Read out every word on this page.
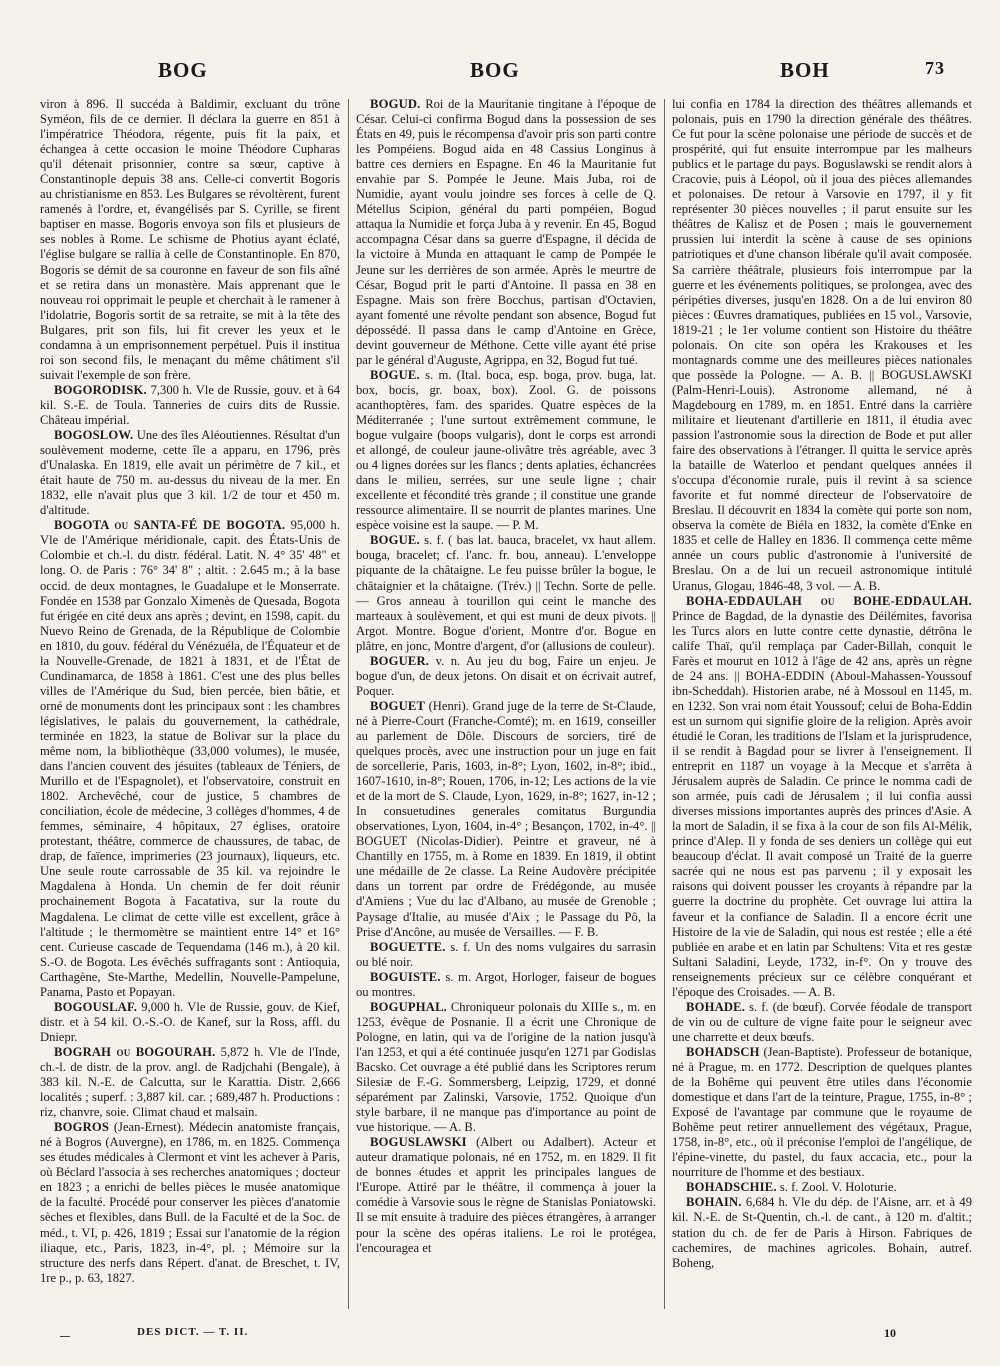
BOG	BOG	BOH	73

viron à 896. Il succéda à Baldimir, excluant du trône Syméon, fils de ce dernier. Il déclara la guerre en 851 à l'impératrice Théodora, régente, puis fit la paix, et échangea à cette occasion le moine Théodore Cupharas qu'il détenait prisonnier, contre sa sœur, captive à Constantinople depuis 38 ans. Celle-ci convertit Bogoris au christianisme en 853. Les Bulgares se révoltèrent, furent ramenés à l'ordre, et, évangélisés par S. Cyrille, se firent baptiser en masse. Bogoris envoya son fils et plusieurs de ses nobles à Rome. Le schisme de Photius ayant éclaté, l'église bulgare se rallia à celle de Constantinople. En 870, Bogoris se démit de sa couronne en faveur de son fils aîné et se retira dans un monastère. Mais apprenant que le nouveau roi opprimait le peuple et cherchait à le ramener à l'idolatrie, Bogoris sortit de sa retraite, se mit à la tête des Bulgares, prit son fils, lui fit crever les yeux et le condamna à un emprisonnement perpétuel. Puis il institua roi son second fils, le menaçant du même châtiment s'il suivait l'exemple de son frère.

BOGORODISK. 7,300 h. Vle de Russie, gouv. et à 64 kil. S.-E. de Toula. Tanneries de cuirs dits de Russie. Château impérial.

BOGOSLOW. Une des îles Aléoutiennes. Résultat d'un soulèvement moderne, cette île a apparu, en 1796, près d'Unalaska. En 1819, elle avait un périmètre de 7 kil., et était haute de 750 m. au-dessus du niveau de la mer. En 1832, elle n'avait plus que 3 kil. 1/2 de tour et 450 m. d'altitude.

BOGOTA ou SANTA-FÉ DE BOGOTA. 95,000 h. Vle de l'Amérique méridionale, capit. des États-Unis de Colombie et ch.-l. du distr. fédéral. Latit. N. 4° 35' 48" et long. O. de Paris : 76° 34' 8" ; altit. : 2.645 m.; à la base occid. de deux montagnes, le Guadalupe et le Monserrate. Fondée en 1538 par Gonzalo Ximenès de Quesada, Bogota fut érigée en cité deux ans après ; devint, en 1598, capit. du Nuevo Reino de Grenada, de la République de Colombie en 1810, du gouv. fédéral du Vénézuéla, de l'Équateur et de la Nouvelle-Grenade, de 1821 à 1831, et de l'État de Cundinamarca, de 1858 à 1861. C'est une des plus belles villes de l'Amérique du Sud, bien percée, bien bâtie, et orné de monuments dont les principaux sont : les chambres législatives, le palais du gouvernement, la cathédrale, terminée en 1823, la statue de Bolivar sur la place du même nom, la bibliothèque (33,000 volumes), le musée, dans l'ancien couvent des jésuites (tableaux de Téniers, de Murillo et de l'Espagnolet), et l'observatoire, construit en 1802. Archevêché, cour de justice, 5 chambres de conciliation, école de médecine, 3 collèges d'hommes, 4 de femmes, séminaire, 4 hôpitaux, 27 églises, oratoire protestant, théâtre, commerce de chaussures, de tabac, de drap, de faïence, imprimeries (23 journaux), liqueurs, etc. Une seule route carrossable de 35 kil. va rejoindre le Magdalena à Honda. Un chemin de fer doit réunir prochainement Bogota à Facatativa, sur la route du Magdalena. Le climat de cette ville est excellent, grâce à l'altitude ; le thermomètre se maintient entre 14° et 16° cent. Curieuse cascade de Tequendama (146 m.), à 20 kil. S.-O. de Bogota. Les évêchés suffragants sont : Antioquia, Carthagène, Ste-Marthe, Medellin, Nouvelle-Pampelune, Panama, Pasto et Popayan.

BOGOUSLAF. 9,000 h. Vle de Russie, gouv. de Kief, distr. et à 54 kil. O.-S.-O. de Kanef, sur la Ross, affl. du Dniepr.

BOGRAH ou BOGOURAH. 5,872 h. Vle de l'Inde, ch.-l. de distr. de la prov. angl. de Radjchahi (Bengale), à 383 kil. N.-E. de Calcutta, sur le Karattia. Distr. 2,666 localités ; superf. : 3,887 kil. car. ; 689,487 h. Productions : riz, chanvre, soie. Climat chaud et malsain.

BOGROS (Jean-Ernest). Médecin anatomiste français, né à Bogros (Auvergne), en 1786, m. en 1825. Commença ses études médicales à Clermont et vint les achever à Paris, où Béclard l'associa à ses recherches anatomiques ; docteur en 1823 ; a enrichi de belles pièces le musée anatomique de la faculté. Procédé pour conserver les pièces d'anatomie sèches et flexibles, dans Bull. de la Faculté et de la Soc. de méd., t. VI, p. 426, 1819 ; Essai sur l'anatomie de la région iliaque, etc., Paris, 1823, in-4°, pl. ; Mémoire sur la structure des nerfs dans Répert. d'anat. de Breschet, t. IV, 1re p., p. 63, 1827.

BOGUD. Roi de la Mauritanie tingitane à l'époque de César. Celui-ci confirma Bogud dans la possession de ses États en 49, puis le récompensa d'avoir pris son parti contre les Pompéiens. Bogud aida en 48 Cassius Longinus à battre ces derniers en Espagne. En 46 la Mauritanie fut envahie par S. Pompée le Jeune. Mais Juba, roi de Numidie, ayant voulu joindre ses forces à celle de Q. Métellus Scipion, général du parti pompéien, Bogud attaqua la Numidie et força Juba à y revenir. En 45, Bogud accompagna César dans sa guerre d'Espagne, il décida de la victoire à Munda en attaquant le camp de Pompée le Jeune sur les derrières de son armée. Après le meurtre de César, Bogud prit le parti d'Antoine. Il passa en 38 en Espagne. Mais son frère Bocchus, partisan d'Octavien, ayant fomenté une révolte pendant son absence, Bogud fut dépossédé. Il passa dans le camp d'Antoine en Grèce, devint gouverneur de Méthone. Cette ville ayant été prise par le général d'Auguste, Agrippa, en 32, Bogud fut tué.

BOGUE. s. m. (Ital. boca, esp. boga, prov. buga, lat. box, bocis, gr. boax, box). Zool. G. de poissons acanthoptères, fam. des sparides. Quatre espèces de la Méditerranée ; l'une surtout extrêmement commune, le bogue vulgaire (boops vulgaris), dont le corps est arrondi et allongé, de couleur jaune-olivâtre très agréable, avec 3 ou 4 lignes dorées sur les flancs ; dents aplaties, échancrées dans le milieu, serrées, sur une seule ligne ; chair excellente et fécondité très grande ; il constitue une grande ressource alimentaire. Il se nourrit de plantes marines. Une espèce voisine est la saupe. — P. M.

BOGUE. s. f. ( bas lat. bauca, bracelet, vx haut allem. bouga, bracelet; cf. l'anc. fr. bou, anneau). L'enveloppe piquante de la châtaigne. Le feu puisse brûler la bogue, le châtaignier et la châtaigne. (Trév.) || Techn. Sorte de pelle. — Gros anneau à tourillon qui ceint le manche des marteaux à soulèvement, et qui est muni de deux pivots. || Argot. Montre. Bogue d'orient, Montre d'or. Bogue en plâtre, en jonc, Montre d'argent, d'or (allusions de couleur).

BOGUER. v. n. Au jeu du bog, Faire un enjeu. Je bogue d'un, de deux jetons. On disait et on écrivait autref, Poquer.

BOGUET (Henri). Grand juge de la terre de St-Claude, né à Pierre-Court (Franche-Comté); m. en 1619, conseiller au parlement de Dôle. Discours de sorciers, tiré de quelques procès, avec une instruction pour un juge en fait de sorcellerie, Paris, 1603, in-8°; Lyon, 1602, in-8°; ibid., 1607-1610, in-8°; Rouen, 1706, in-12; Les actions de la vie et de la mort de S. Claude, Lyon, 1629, in-8°; 1627, in-12 ; In consuetudines generales comitatus Burgundia observationes, Lyon, 1604, in-4° ; Besançon, 1702, in-4°. || BOGUET (Nicolas-Didier). Peintre et graveur, né à Chantilly en 1755, m. à Rome en 1839. En 1819, il obtint une médaille de 2e classe. La Reine Audovère précipitée dans un torrent par ordre de Frédégonde, au musée d'Amiens ; Vue du lac d'Albano, au musée de Grenoble ; Paysage d'Italie, au musée d'Aix ; le Passage du Pô, la Prise d'Ancône, au musée de Versailles. — F. B.

BOGUETTE. s. f. Un des noms vulgaires du sarrasin ou blé noir.

BOGUISTE. s. m. Argot, Horloger, faiseur de bogues ou montres.

BOGUPHAL. Chroniqueur polonais du XIIIe s., m. en 1253, évêque de Posnanie. Il a écrit une Chronique de Pologne, en latin, qui va de l'origine de la nation jusqu'à l'an 1253, et qui a été continuée jusqu'en 1271 par Godislas Bacsko. Cet ouvrage a été publié dans les Scriptores rerum Silesiæ de F.-G. Sommersberg, Leipzig, 1729, et donné séparément par Zalinski, Varsovie, 1752. Quoique d'un style barbare, il ne manque pas d'importance au point de vue historique. — A. B.

BOGUSLAWSKI (Albert ou Adalbert). Acteur et auteur dramatique polonais, né en 1752, m. en 1829. Il fit de bonnes études et apprit les principales langues de l'Europe. Attiré par le théâtre, il commença à jouer la comédie à Varsovie sous le règne de Stanislas Poniatowski. Il se mit ensuite à traduire des pièces étrangères, à arranger pour la scène des opéras italiens. Le roi le protégea, l'encourageа et

lui confia en 1784 la direction des théâtres allemands et polonais, puis en 1790 la direction générale des théâtres. Ce fut pour la scène polonaise une période de succès et de prospérité, qui fut ensuite interrompue par les malheurs publics et le partage du pays. Boguslawski se rendit alors à Cracovie, puis à Léopol, où il joua des pièces allemandes et polonaises. De retour à Varsovie en 1797, il y fit représenter 30 pièces nouvelles ; il parut ensuite sur les théâtres de Kalisz et de Posen ; mais le gouvernement prussien lui interdit la scène à cause de ses opinions patriotiques et d'une chanson libérale qu'il avait composée. Sa carrière théâtrale, plusieurs fois interrompue par la guerre et les événements politiques, se prolongea, avec des péripéties diverses, jusqu'en 1828. On a de lui environ 80 pièces : Œuvres dramatiques, publiées en 15 vol., Varsovie, 1819-21 ; le 1er volume contient son Histoire du théâtre polonais. On cite son opéra les Krakouses et les montagnards comme une des meilleures pièces nationales que possède la Pologne. — A. B. || BOGUSLAWSKI (Palm-Henri-Louis). Astronome allemand, né à Magdebourg en 1789, m. en 1851. Entré dans la carrière militaire et lieutenant d'artillerie en 1811, il étudia avec passion l'astronomie sous la direction de Bode et put aller faire des observations à l'étranger. Il quitta le service après la bataille de Waterloo et pendant quelques années il s'occupa d'économie rurale, puis il revint à sa science favorite et fut nommé directeur de l'observatoire de Breslau. Il découvrit en 1834 la comète qui porte son nom, observa la comète de Biéla en 1832, la comète d'Enke en 1835 et celle de Halley en 1836. Il commença cette même année un cours public d'astronomie à l'université de Breslau. On a de lui un recueil astronomique intitulé Uranus, Glogau, 1846-48, 3 vol. — A. B.

BOHA-EDDAULAH ou BOHE-EDDAULAH. Prince de Bagdad, de la dynastie des Déilémites, favorisa les Turcs alors en lutte contre cette dynastie, détrôna le calife Thaï, qu'il remplaça par Cader-Billah, conquit le Farès et mourut en 1012 à l'âge de 42 ans, après un règne de 24 ans. || BOHA-EDDIN (Aboul-Mahassen-Youssouf ibn-Scheddah). Historien arabe, né à Mossoul en 1145, m. en 1232. Son vrai nom était Youssouf; celui de Boha-Eddin est un surnom qui signifie gloire de la religion. Après avoir étudié le Coran, les traditions de l'Islam et la jurisprudence, il se rendit à Bagdad pour se livrer à l'enseignement. Il entreprit en 1187 un voyage à la Mecque et s'arrêta à Jérusalem auprès de Saladin. Ce prince le nomma cadi de son armée, puis cadi de Jérusalem ; il lui confia aussi diverses missions importantes auprès des princes d'Asie. A la mort de Saladin, il se fixa à la cour de son fils Al-Mélik, prince d'Alep. Il y fonda de ses deniers un collège qui eut beaucoup d'éclat. Il avait composé un Traité de la guerre sacrée qui ne nous est pas parvenu ; il y exposait les raisons qui doivent pousser les croyants à répandre par la guerre la doctrine du prophète. Cet ouvrage lui attira la faveur et la confiance de Saladin. Il a encore écrit une Histoire de la vie de Saladin, qui nous est restée ; elle a été publiée en arabe et en latin par Schultens: Vita et res gestæ Sultani Saladini, Leyde, 1732, in-f°. On y trouve des renseignements précieux sur ce célèbre conquérant et l'époque des Croisades. — A. B.

BOHADE. s. f. (de bœuf). Corvée féodale de transport de vin ou de culture de vigne faite pour le seigneur avec une charrette et deux bœufs.

BOHADSCH (Jean-Baptiste). Professeur de botanique, né à Prague, m. en 1772. Description de quelques plantes de la Bohême qui peuvent être utiles dans l'économie domestique et dans l'art de la teinture, Prague, 1755, in-8° ; Exposé de l'avantage par commune que le royaume de Bohême peut retirer annuellement des végétaux, Prague, 1758, in-8°, etc., où il préconise l'emploi de l'angélique, de l'épine-vinette, du pastel, du faux accacia, etc., pour la nourriture de l'homme et des bestiaux.

BOHADSCHIE. s. f. Zool. V. Holoturie.

BOHAIN. 6,684 h. Vle du dép. de l'Aisne, arr. et à 49 kil. N.-E. de St-Quentin, ch.-l. de cant., à 120 m. d'altit.; station du ch. de fer de Paris à Hirson. Fabriques de cachemires, de machines agricoles. Bohain, autref. Boheng,

DES DICT. — T. II.	10
